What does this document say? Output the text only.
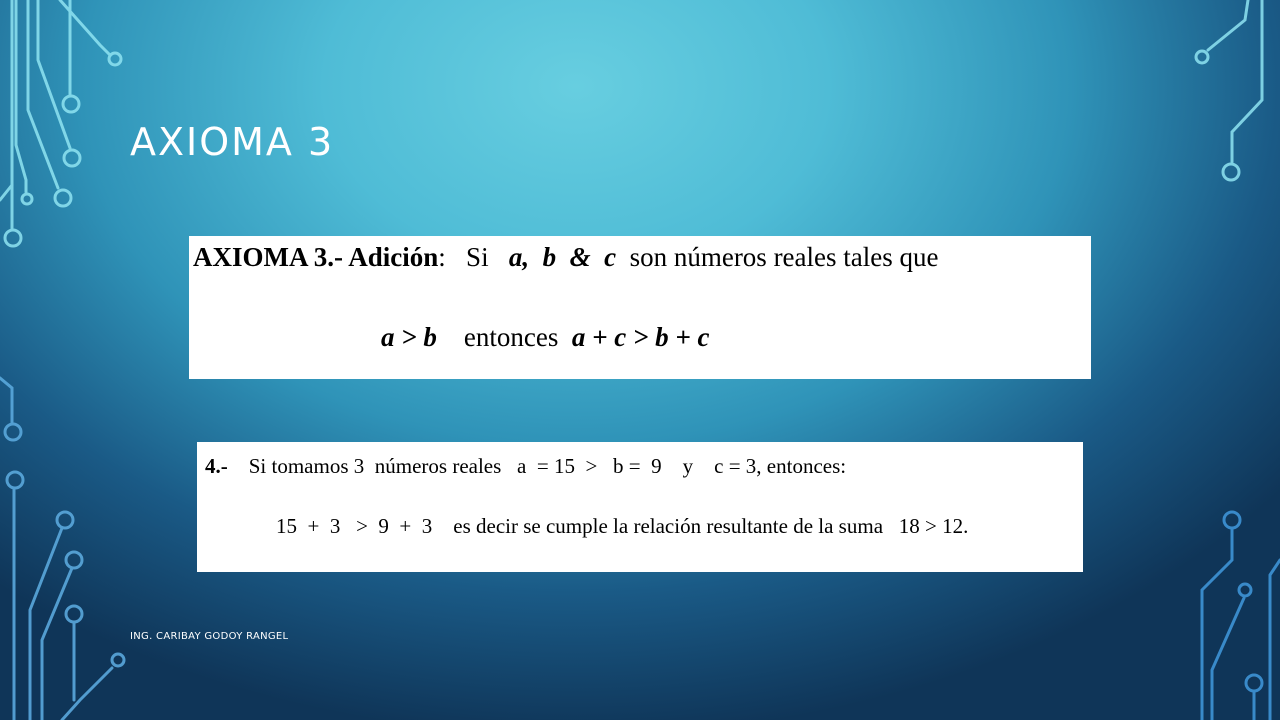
AXIOMA 3
AXIOMA 3.- Adición: Si a, b & c son números reales tales que
a > b entonces a + c > b + c
4.- Si tomamos 3  números reales   a  = 15  >   b =  9    y    c = 3, entonces:
15  +  3   >  9  +  3 es decir se cumple la relación resultante de la suma 18 > 12.
ING. CARIBAY GODOY RANGEL
